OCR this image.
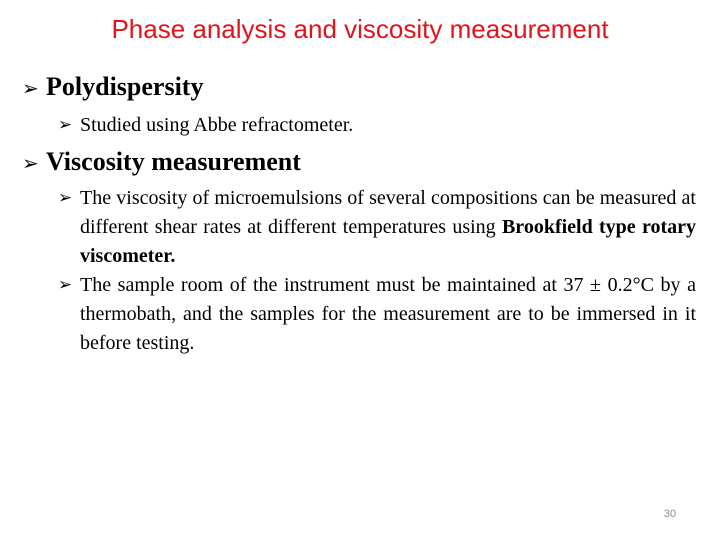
Phase analysis and viscosity measurement
➢ Polydispersity
➢ Studied using Abbe refractometer.
➢ Viscosity measurement
➢ The viscosity of microemulsions of several compositions can be measured at different shear rates at different temperatures using Brookfield type rotary viscometer.
➢ The sample room of the instrument must be maintained at 37 ± 0.2°C by a thermobath, and the samples for the measurement are to be immersed in it before testing.
30
